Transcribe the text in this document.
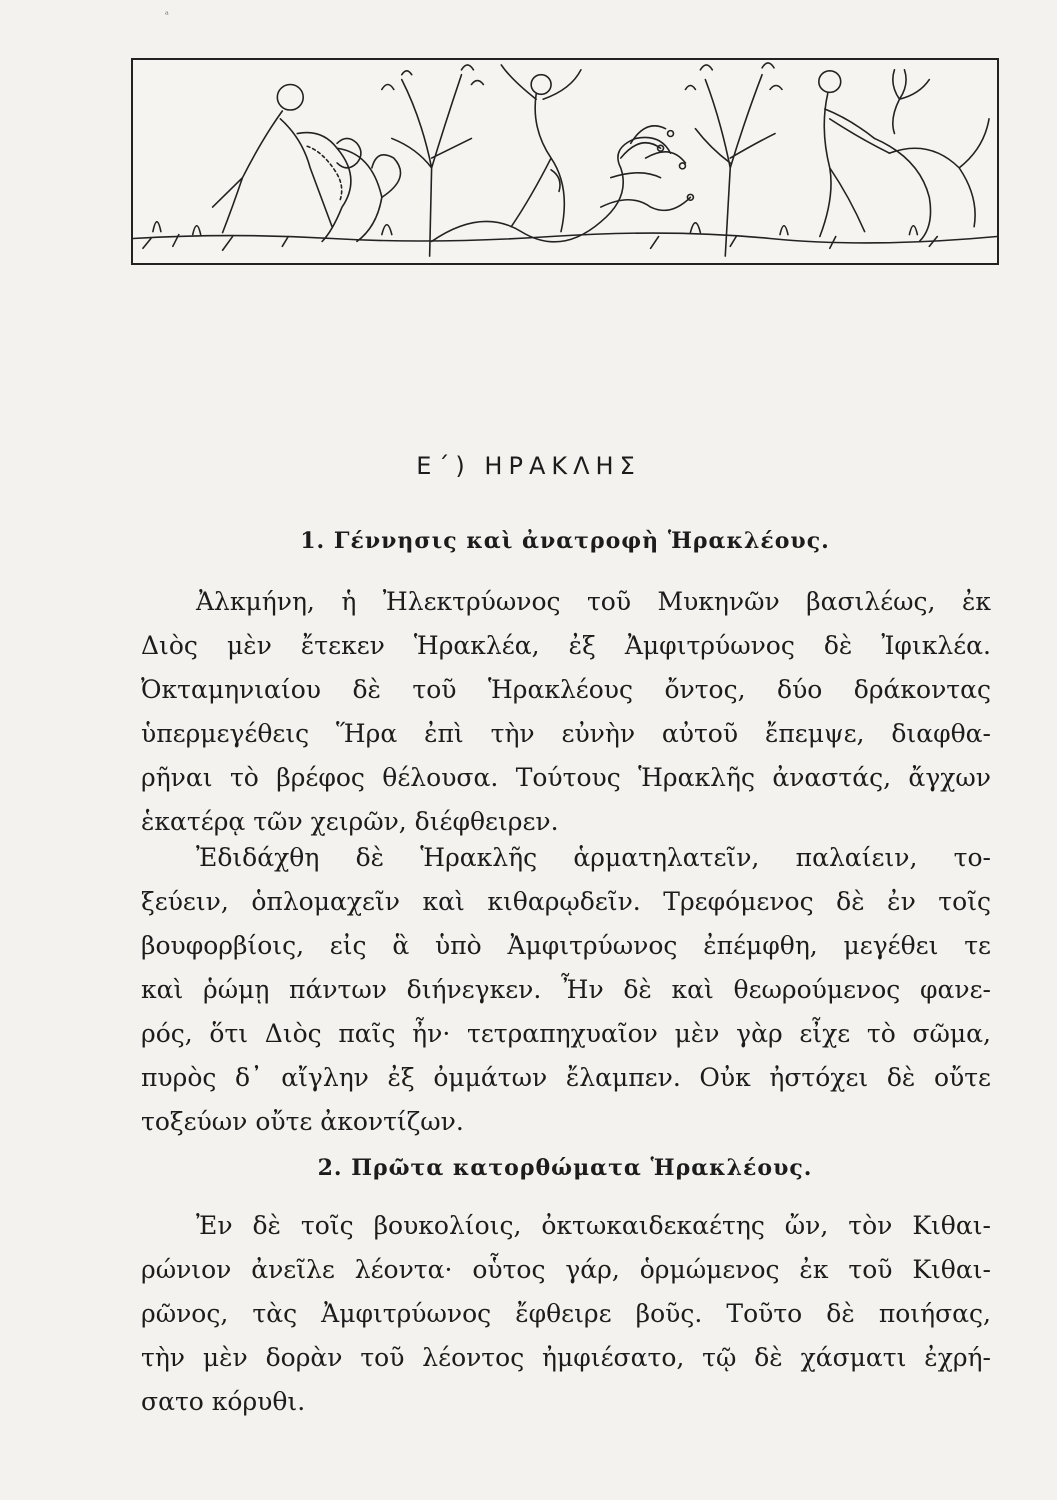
ᵃ
Ε΄) ΗΡΑΚΛΗΣ
1. Γέννησις καὶ ἀνατροφὴ Ἡρακλέους.
Ἀλκμήνη, ἡ Ἠλεκτρύωνος τοῦ Μυκηνῶν βασιλέως, ἐκ
Διὸς μὲν ἔτεκεν Ἡρακλέα, ἐξ Ἀμφιτρύωνος δὲ Ἰφικλέα.
Ὀκταμηνιαίου δὲ τοῦ Ἡρακλέους ὄντος, δύο δράκοντας
ὑπερμεγέθεις Ἥρα ἐπὶ τὴν εὐνὴν αὐτοῦ ἔπεμψε, διαφθα-
ρῆναι τὸ βρέφος θέλουσα. Τούτους Ἡρακλῆς ἀναστάς, ἄγχων
ἑκατέρᾳ τῶν χειρῶν, διέφθειρεν.
Ἐδιδάχθη δὲ Ἡρακλῆς ἁρματηλατεῖν, παλαίειν, το-
ξεύειν, ὁπλομαχεῖν καὶ κιθαρῳδεῖν. Τρεφόμενος δὲ ἐν τοῖς
βουφορβίοις, εἰς ἃ ὑπὸ Ἀμφιτρύωνος ἐπέμφθη, μεγέθει τε
καὶ ῥώμῃ πάντων διήνεγκεν. Ἦν δὲ καὶ θεωρούμενος φανε-
ρός, ὅτι Διὸς παῖς ἦν· τετραπηχυαῖον μὲν γὰρ εἶχε τὸ σῶμα,
πυρὸς δ᾿ αἴγλην ἐξ ὀμμάτων ἔλαμπεν. Οὐκ ἠστόχει δὲ οὔτε
τοξεύων οὔτε ἀκοντίζων.
2. Πρῶτα κατορθώματα Ἡρακλέους.
Ἐν δὲ τοῖς βουκολίοις, ὀκτωκαιδεκαέτης ὤν, τὸν Κιθαι-
ρώνιον ἀνεῖλε λέοντα· οὗτος γάρ, ὁρμώμενος ἐκ τοῦ Κιθαι-
ρῶνος, τὰς Ἀμφιτρύωνος ἔφθειρε βοῦς. Τοῦτο δὲ ποιήσας,
τὴν μὲν δορὰν τοῦ λέοντος ἠμφιέσατο, τῷ δὲ χάσματι ἐχρή-
σατο κόρυθι.
